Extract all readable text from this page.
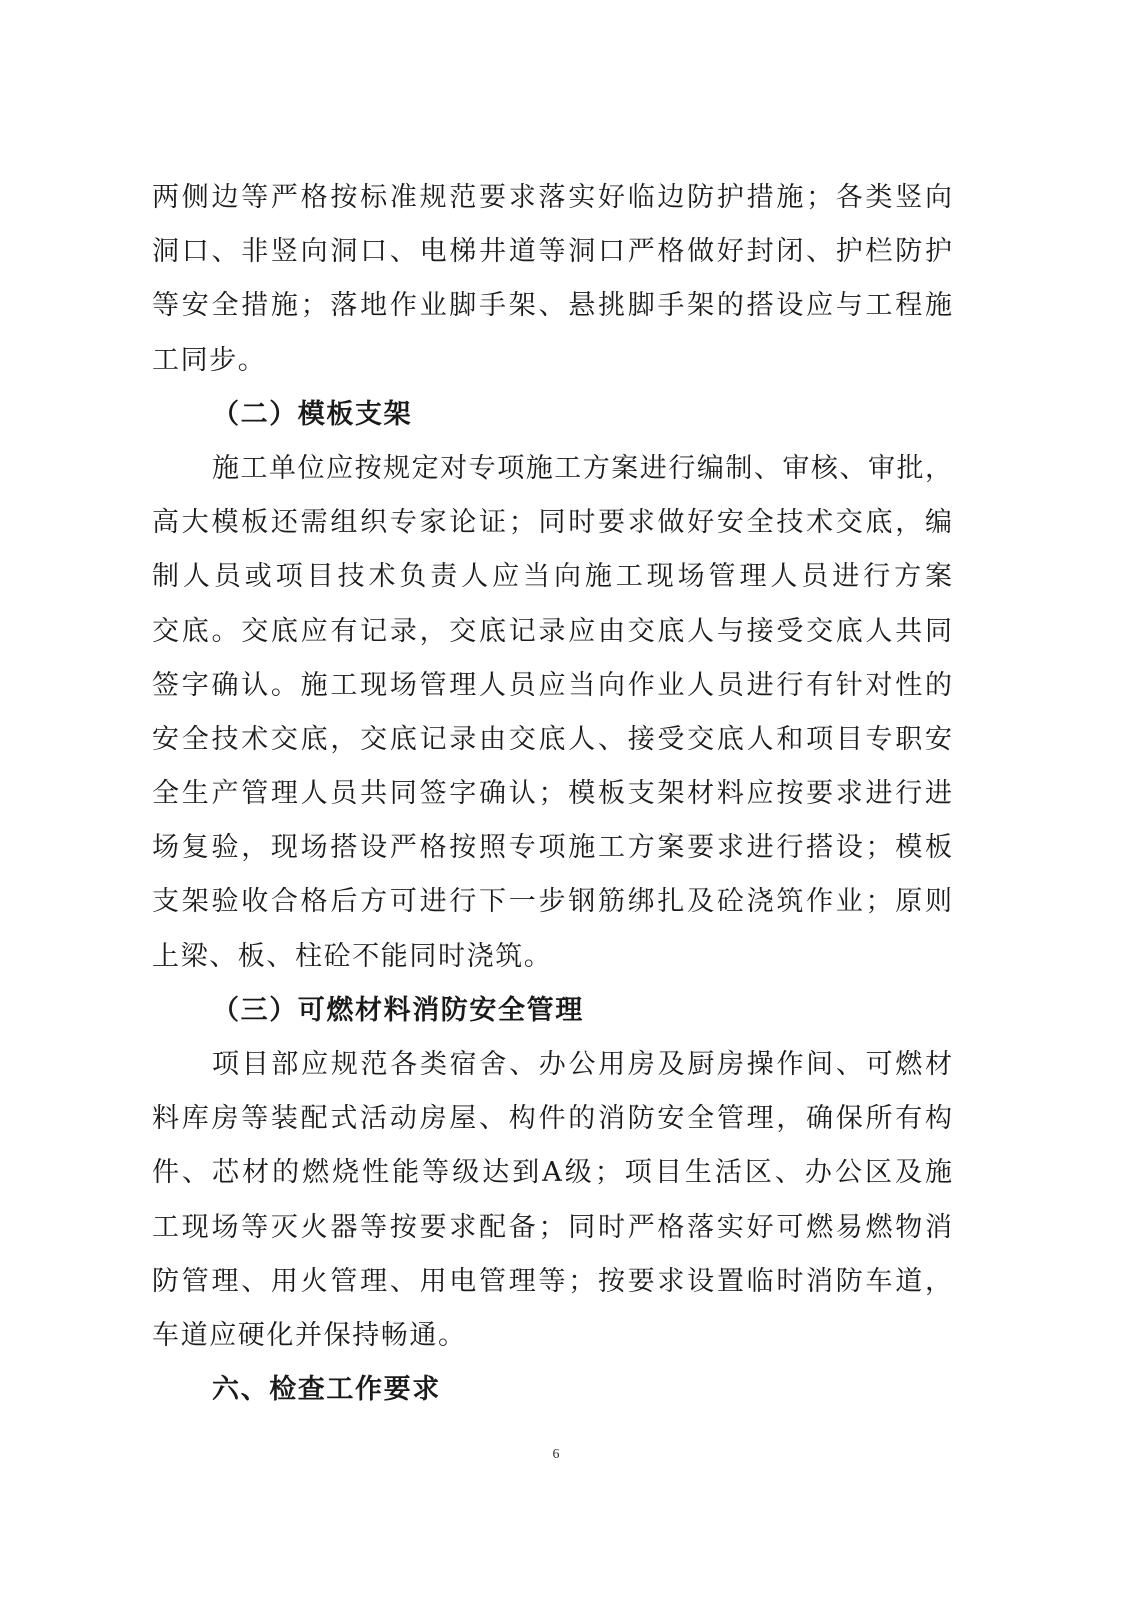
两侧边等严格按标准规范要求落实好临边防护措施；各类竖向
洞口、非竖向洞口、电梯井道等洞口严格做好封闭、护栏防护
等安全措施；落地作业脚手架、悬挑脚手架的搭设应与工程施
工同步。
（二）模板支架
施工单位应按规定对专项施工方案进行编制、审核、审批，
高大模板还需组织专家论证；同时要求做好安全技术交底，编
制人员或项目技术负责人应当向施工现场管理人员进行方案
交底。交底应有记录，交底记录应由交底人与接受交底人共同
签字确认。施工现场管理人员应当向作业人员进行有针对性的
安全技术交底，交底记录由交底人、接受交底人和项目专职安
全生产管理人员共同签字确认；模板支架材料应按要求进行进
场复验，现场搭设严格按照专项施工方案要求进行搭设；模板
支架验收合格后方可进行下一步钢筋绑扎及砼浇筑作业；原则
上梁、板、柱砼不能同时浇筑。
（三）可燃材料消防安全管理
项目部应规范各类宿舍、办公用房及厨房操作间、可燃材
料库房等装配式活动房屋、构件的消防安全管理，确保所有构
件、芯材的燃烧性能等级达到A级；项目生活区、办公区及施
工现场等灭火器等按要求配备；同时严格落实好可燃易燃物消
防管理、用火管理、用电管理等；按要求设置临时消防车道，
车道应硬化并保持畅通。
六、检查工作要求
6
